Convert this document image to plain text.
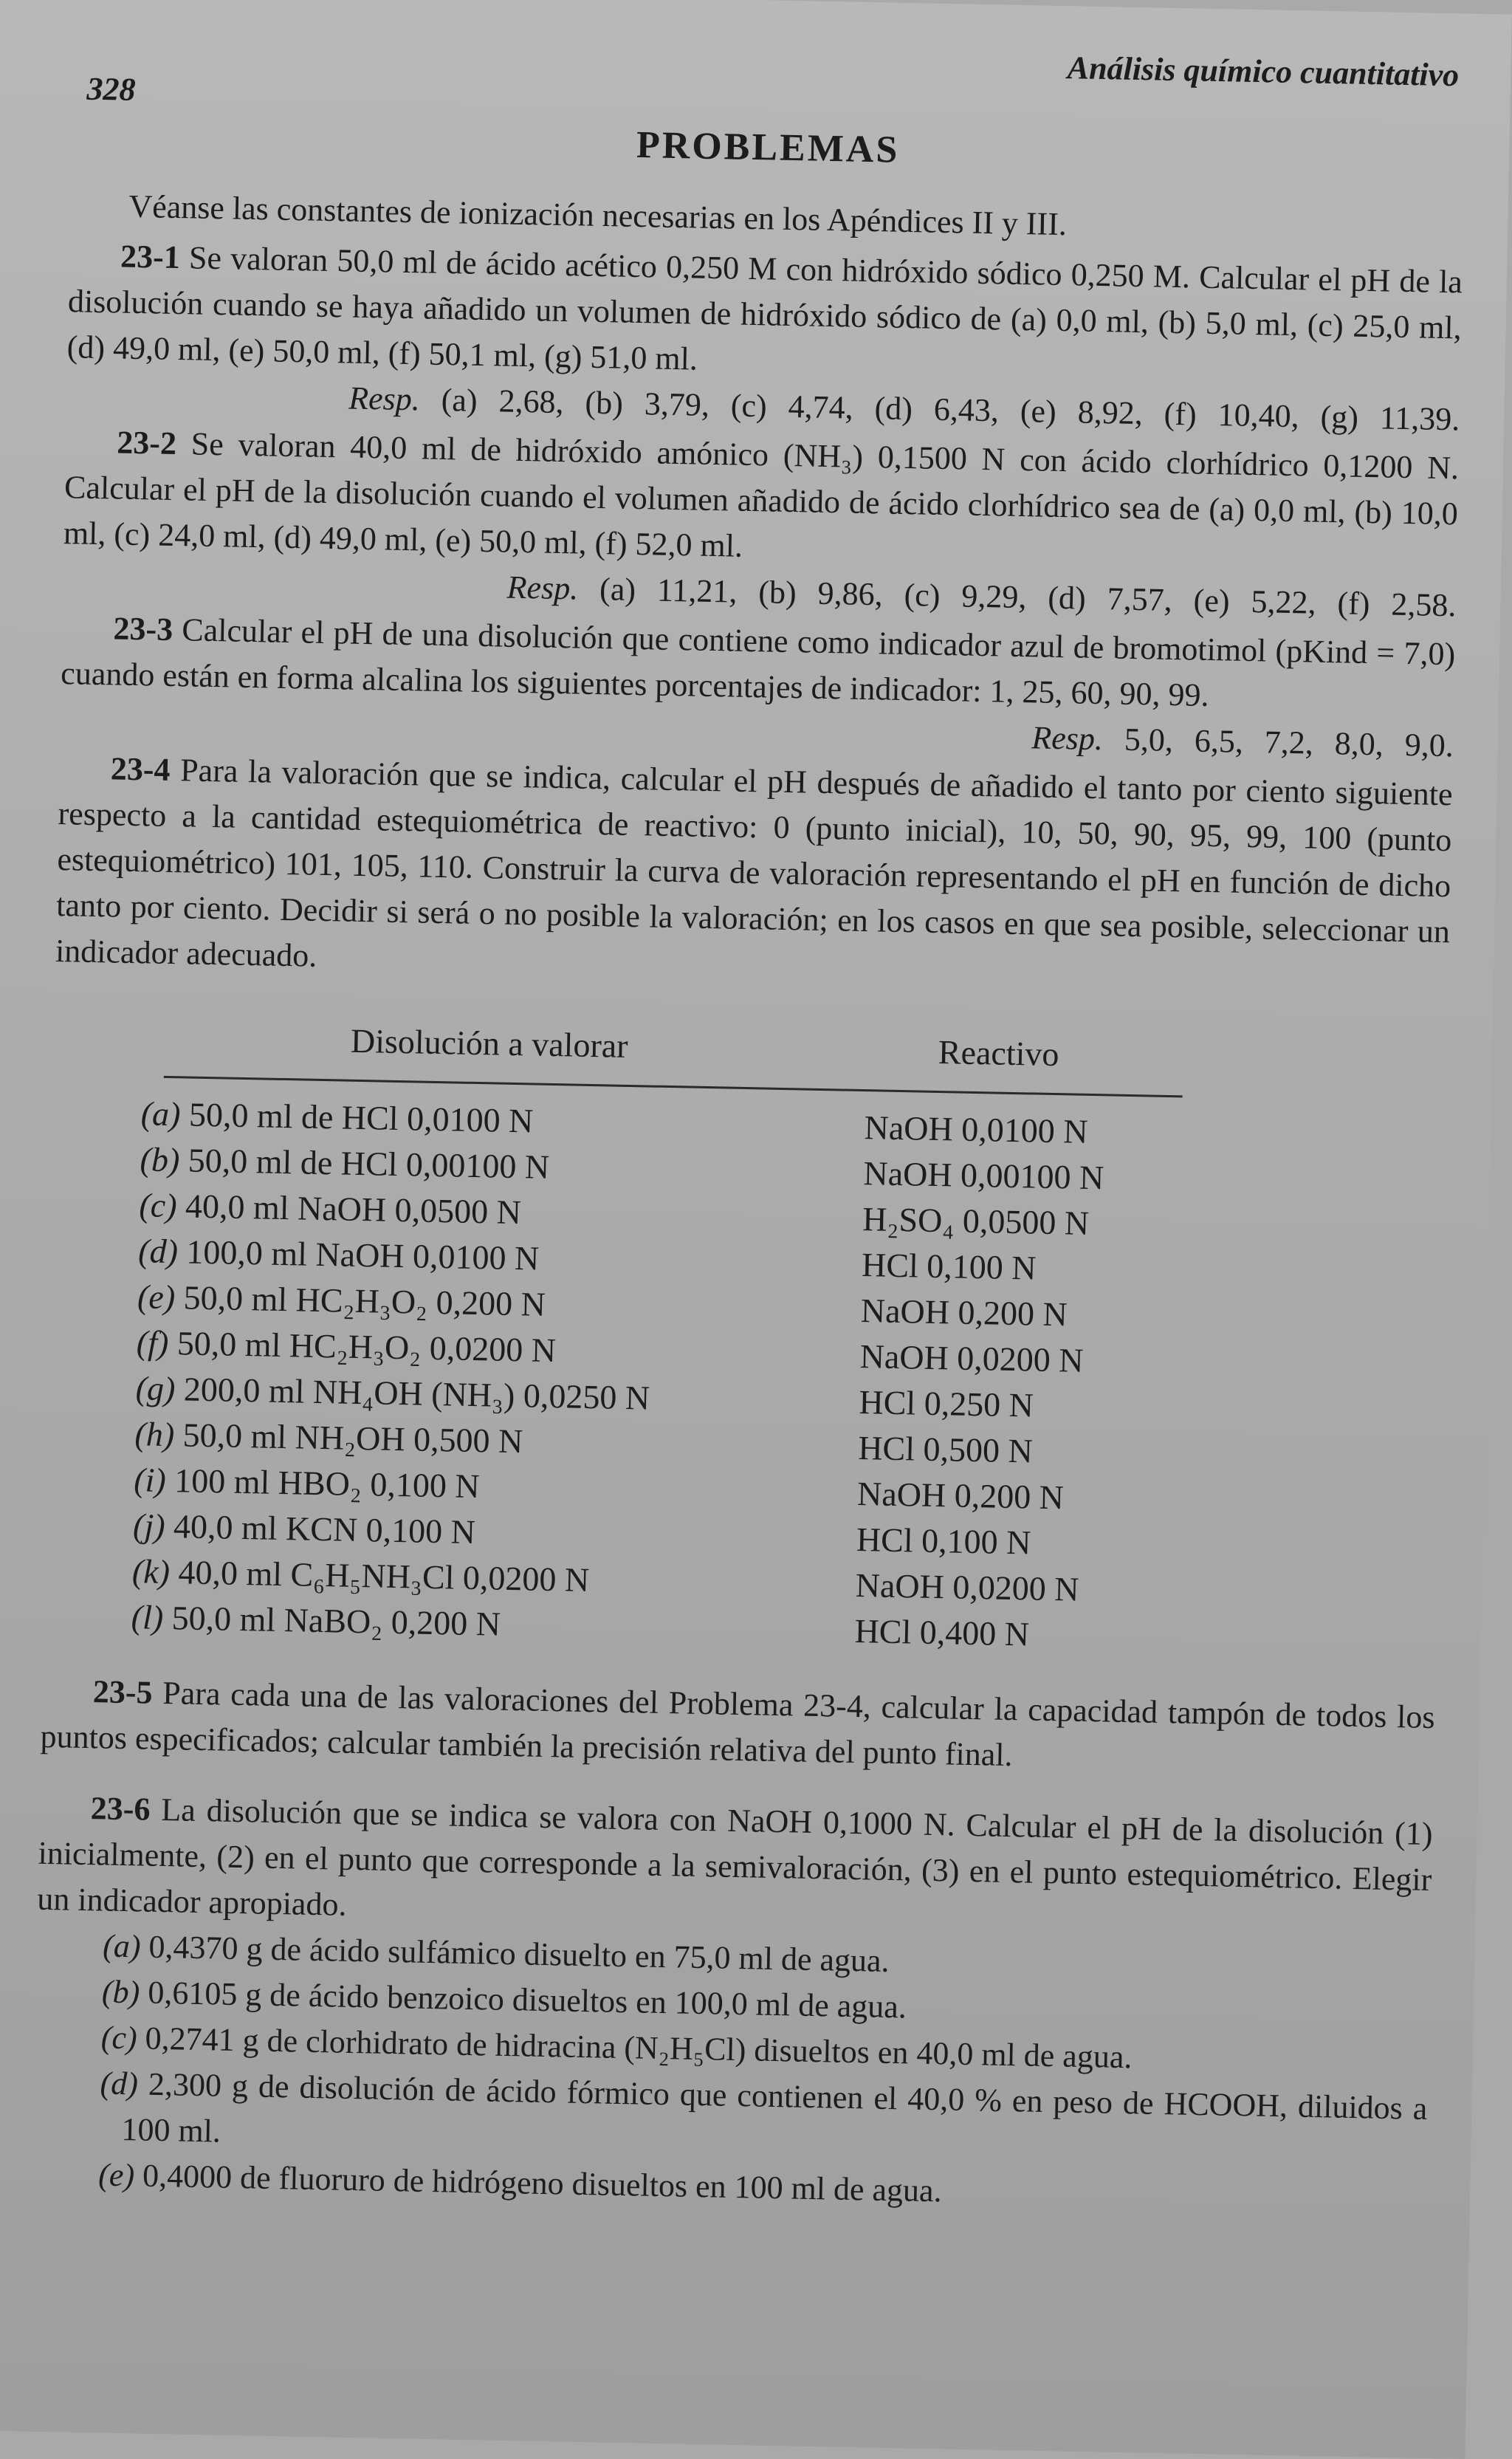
328	Análisis químico cuantitativo
PROBLEMAS

Véanse las constantes de ionización necesarias en los Apéndices II y III.

23-1 Se valoran 50,0 ml de ácido acético 0,250 M con hidróxido sódico 0,250 M. Calcular el pH de la disolución cuando se haya añadido un volumen de hidróxido sódico de (a) 0,0 ml, (b) 5,0 ml, (c) 25,0 ml, (d) 49,0 ml, (e) 50,0 ml, (f) 50,1 ml, (g) 51,0 ml.

Resp. (a) 2,68, (b) 3,79, (c) 4,74, (d) 6,43, (e) 8,92, (f) 10,40, (g) 11,39.

23-2 Se valoran 40,0 ml de hidróxido amónico (NH₃) 0,1500 N con ácido clorhídrico 0,1200 N. Calcular el pH de la disolución cuando el volumen añadido de ácido clorhídrico sea de (a) 0,0 ml, (b) 10,0 ml, (c) 24,0 ml, (d) 49,0 ml, (e) 50,0 ml, (f) 52,0 ml.

Resp. (a) 11,21, (b) 9,86, (c) 9,29, (d) 7,57, (e) 5,22, (f) 2,58.

23-3 Calcular el pH de una disolución que contiene como indicador azul de bromotimol (pKind = 7,0) cuando están en forma alcalina los siguientes porcentajes de indicador: 1, 25, 60, 90, 99.

Resp. 5,0, 6,5, 7,2, 8,0, 9,0.

23-4 Para la valoración que se indica, calcular el pH después de añadido el tanto por ciento siguiente respecto a la cantidad estequiométrica de reactivo: 0 (punto inicial), 10, 50, 90, 95, 99, 100 (punto estequiométrico) 101, 105, 110. Construir la curva de valoración representando el pH en función de dicho tanto por ciento. Decidir si será o no posible la valoración; en los casos en que sea posible, seleccionar un indicador adecuado.

Disolución a valorar	Reactivo
(a) 50,0 ml de HCl 0,0100 N	NaOH 0,0100 N
(b) 50,0 ml de HCl 0,00100 N	NaOH 0,00100 N
(c) 40,0 ml NaOH 0,0500 N	H₂SO₄ 0,0500 N
(d) 100,0 ml NaOH 0,0100 N	HCl 0,100 N
(e) 50,0 ml HC₂H₃O₂ 0,200 N	NaOH 0,200 N
(f) 50,0 ml HC₂H₃O₂ 0,0200 N	NaOH 0,0200 N
(g) 200,0 ml NH₄OH (NH₃) 0,0250 N	HCl 0,250 N
(h) 50,0 ml NH₂OH 0,500 N	HCl 0,500 N
(i) 100 ml HBO₂ 0,100 N	NaOH 0,200 N
(j) 40,0 ml KCN 0,100 N	HCl 0,100 N
(k) 40,0 ml C₆H₅NH₃Cl 0,0200 N	NaOH 0,0200 N
(l) 50,0 ml NaBO₂ 0,200 N	HCl 0,400 N

23-5 Para cada una de las valoraciones del Problema 23-4, calcular la capacidad tampón de todos los puntos especificados; calcular también la precisión relativa del punto final.

23-6 La disolución que se indica se valora con NaOH 0,1000 N. Calcular el pH de la disolución (1) inicialmente, (2) en el punto que corresponde a la semivaloración, (3) en el punto estequiométrico. Elegir un indicador apropiado.

(a) 0,4370 g de ácido sulfámico disuelto en 75,0 ml de agua.

(b) 0,6105 g de ácido benzoico disueltos en 100,0 ml de agua.

(c) 0,2741 g de clorhidrato de hidracina (N₂H₅Cl) disueltos en 40,0 ml de agua.

(d) 2,300 g de disolución de ácido fórmico que contienen el 40,0 % en peso de HCOOH, diluidos a 100 ml.

(e) 0,4000 de fluoruro de hidrógeno disueltos en 100 ml de agua.
